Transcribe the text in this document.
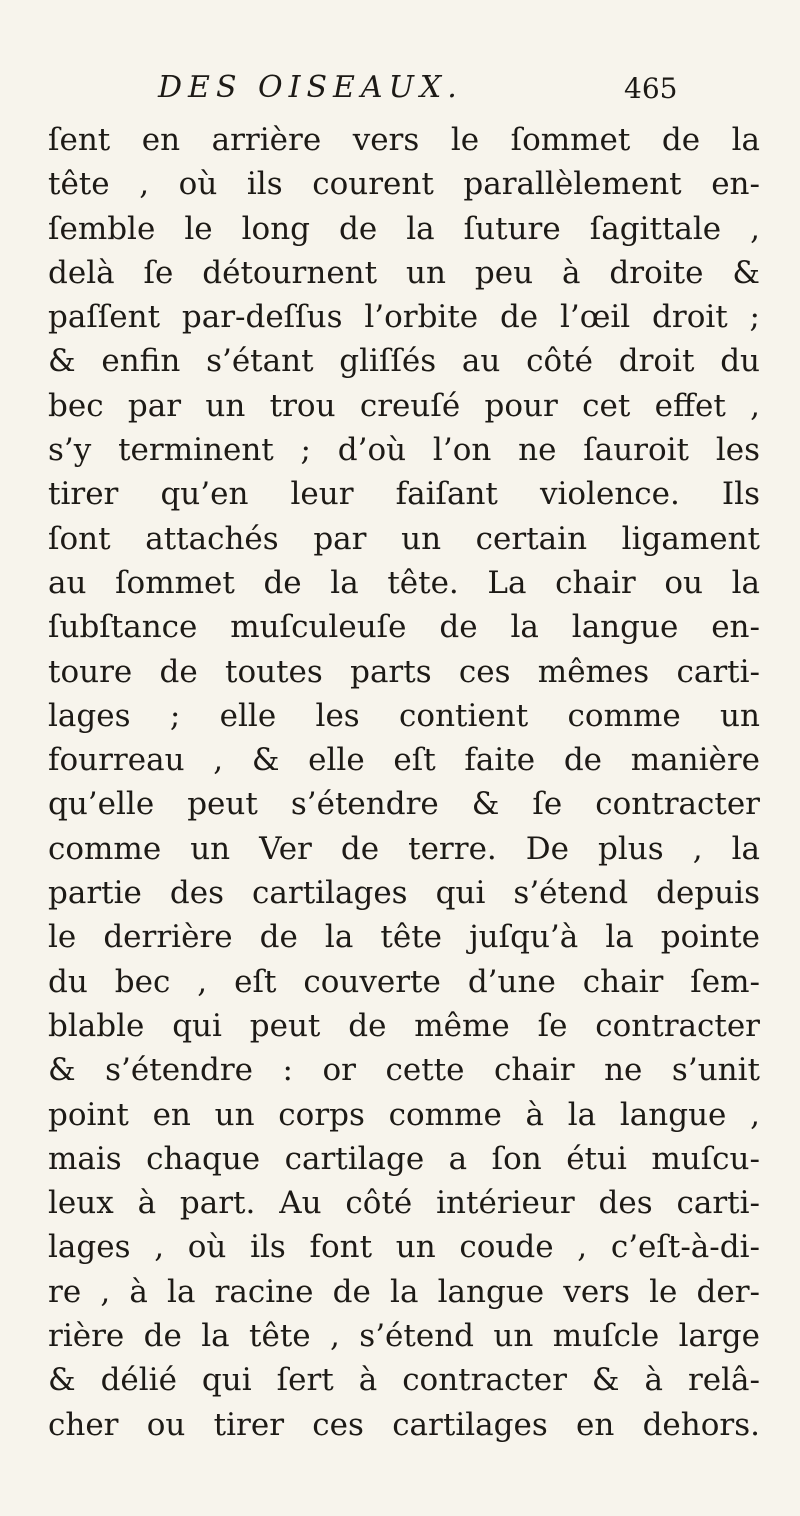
DES OISEAUX.	465
ſent en arrière vers le ſommet de la
tête , où ils courent parallèlement en-
ſemble le long de la ſuture ſagittale ,
delà ſe détournent un peu à droite &
paſſent par-deſſus l’orbite de l’œil droit ;
& enfin s’étant gliſſés au côté droit du
bec par un trou creuſé pour cet effet ,
s’y terminent ; d’où l’on ne ſauroit les
tirer qu’en leur faiſant violence. Ils
ſont attachés par un certain ligament
au ſommet de la tête. La chair ou la
ſubſtance muſculeuſe de la langue en-
toure de toutes parts ces mêmes carti-
lages ; elle les contient comme un
fourreau , & elle eſt faite de manière
qu’elle peut s’étendre & ſe contracter
comme un Ver de terre. De plus , la
partie des cartilages qui s’étend depuis
le derrière de la tête juſqu’à la pointe
du bec , eſt couverte d’une chair ſem-
blable qui peut de même ſe contracter
& s’étendre : or cette chair ne s’unit
point en un corps comme à la langue ,
mais chaque cartilage a ſon étui muſcu-
leux à part. Au côté intérieur des carti-
lages , où ils font un coude , c’eſt-à-di-
re , à la racine de la langue vers le der-
rière de la tête , s’étend un muſcle large
& délié qui ſert à contracter & à relâ-
cher ou tirer ces cartilages en dehors.
